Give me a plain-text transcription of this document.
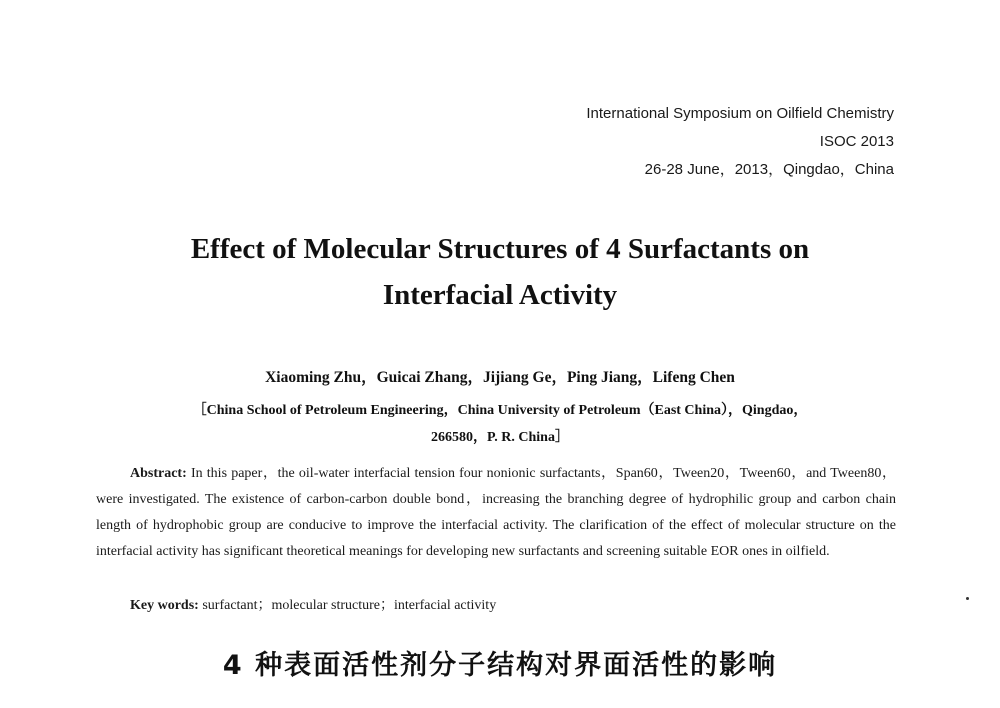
International Symposium on Oilfield Chemistry
ISOC 2013
26-28 June，2013，Qingdao，China
Effect of Molecular Structures of 4 Surfactants on
Interfacial Activity
Xiaoming Zhu，Guicai Zhang，Jijiang Ge，Ping Jiang，Lifeng Chen
［China School of Petroleum Engineering，China University of Petroleum（East China），Qingdao，
266580，P. R. China］
Abstract: In this paper，the oil-water interfacial tension four nonionic surfactants，Span60，Tween20，Tween60，and Tween80，were investigated. The existence of carbon-carbon double bond，increasing the branching degree of hydrophilic group and carbon chain length of hydrophobic group are conducive to improve the interfacial activity. The clarification of the effect of molecular structure on the interfacial activity has significant theoretical meanings for developing new surfactants and screening suitable EOR ones in oilfield.
Key words: surfactant；molecular structure；interfacial activity
4 种表面活性剂分子结构对界面活性的影响
